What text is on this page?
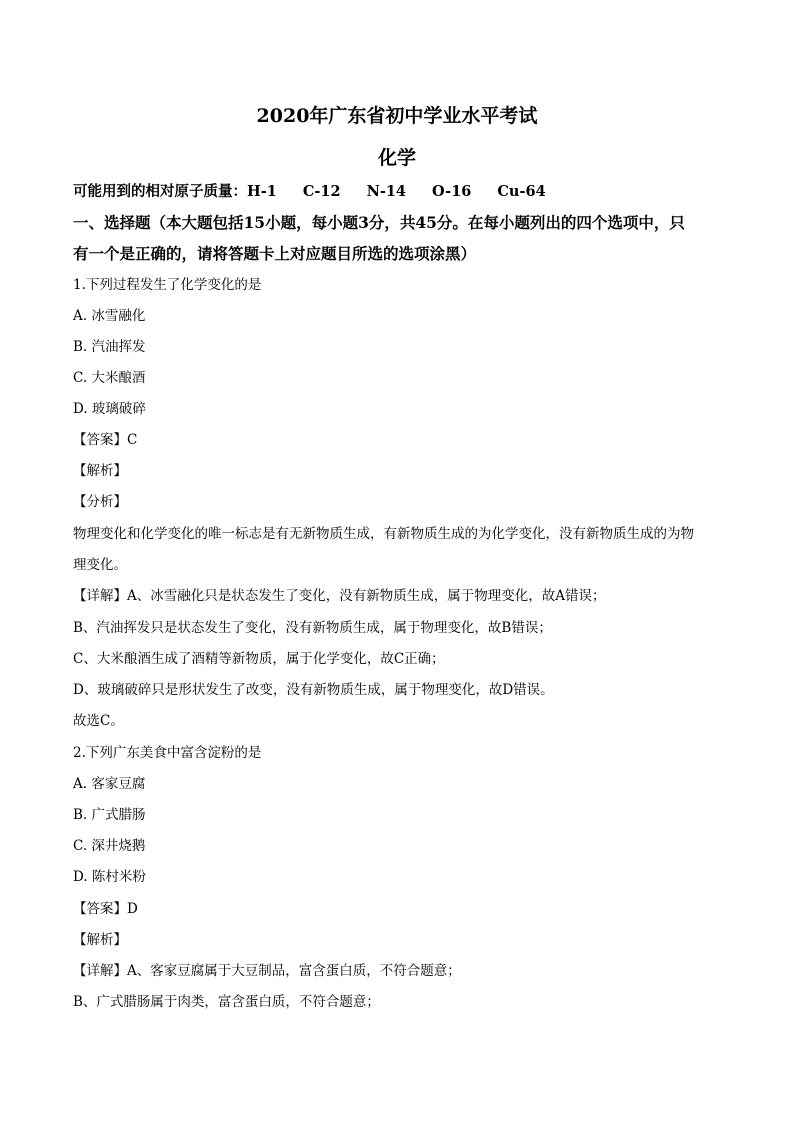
2020年广东省初中学业水平考试
化学
可能用到的相对原子质量：H-1 C-12 N-14 O-16 Cu-64
一、选择题（本大题包括15小题，每小题3分，共45分。在每小题列出的四个选项中，只
有一个是正确的，请将答题卡上对应题目所选的选项涂黑）
1.下列过程发生了化学变化的是
A. 冰雪融化
B. 汽油挥发
C. 大米酿酒
D. 玻璃破碎
【答案】C
【解析】
【分析】
物理变化和化学变化的唯一标志是有无新物质生成，有新物质生成的为化学变化，没有新物质生成的为物
理变化。
【详解】A、冰雪融化只是状态发生了变化，没有新物质生成，属于物理变化，故A错误；
B、汽油挥发只是状态发生了变化，没有新物质生成，属于物理变化，故B错误；
C、大米酿酒生成了酒精等新物质，属于化学变化，故C正确；
D、玻璃破碎只是形状发生了改变，没有新物质生成，属于物理变化，故D错误。
故选C。
2.下列广东美食中富含淀粉的是
A. 客家豆腐
B. 广式腊肠
C. 深井烧鹅
D. 陈村米粉
【答案】D
【解析】
【详解】A、客家豆腐属于大豆制品，富含蛋白质，不符合题意；
B、广式腊肠属于肉类，富含蛋白质，不符合题意；
